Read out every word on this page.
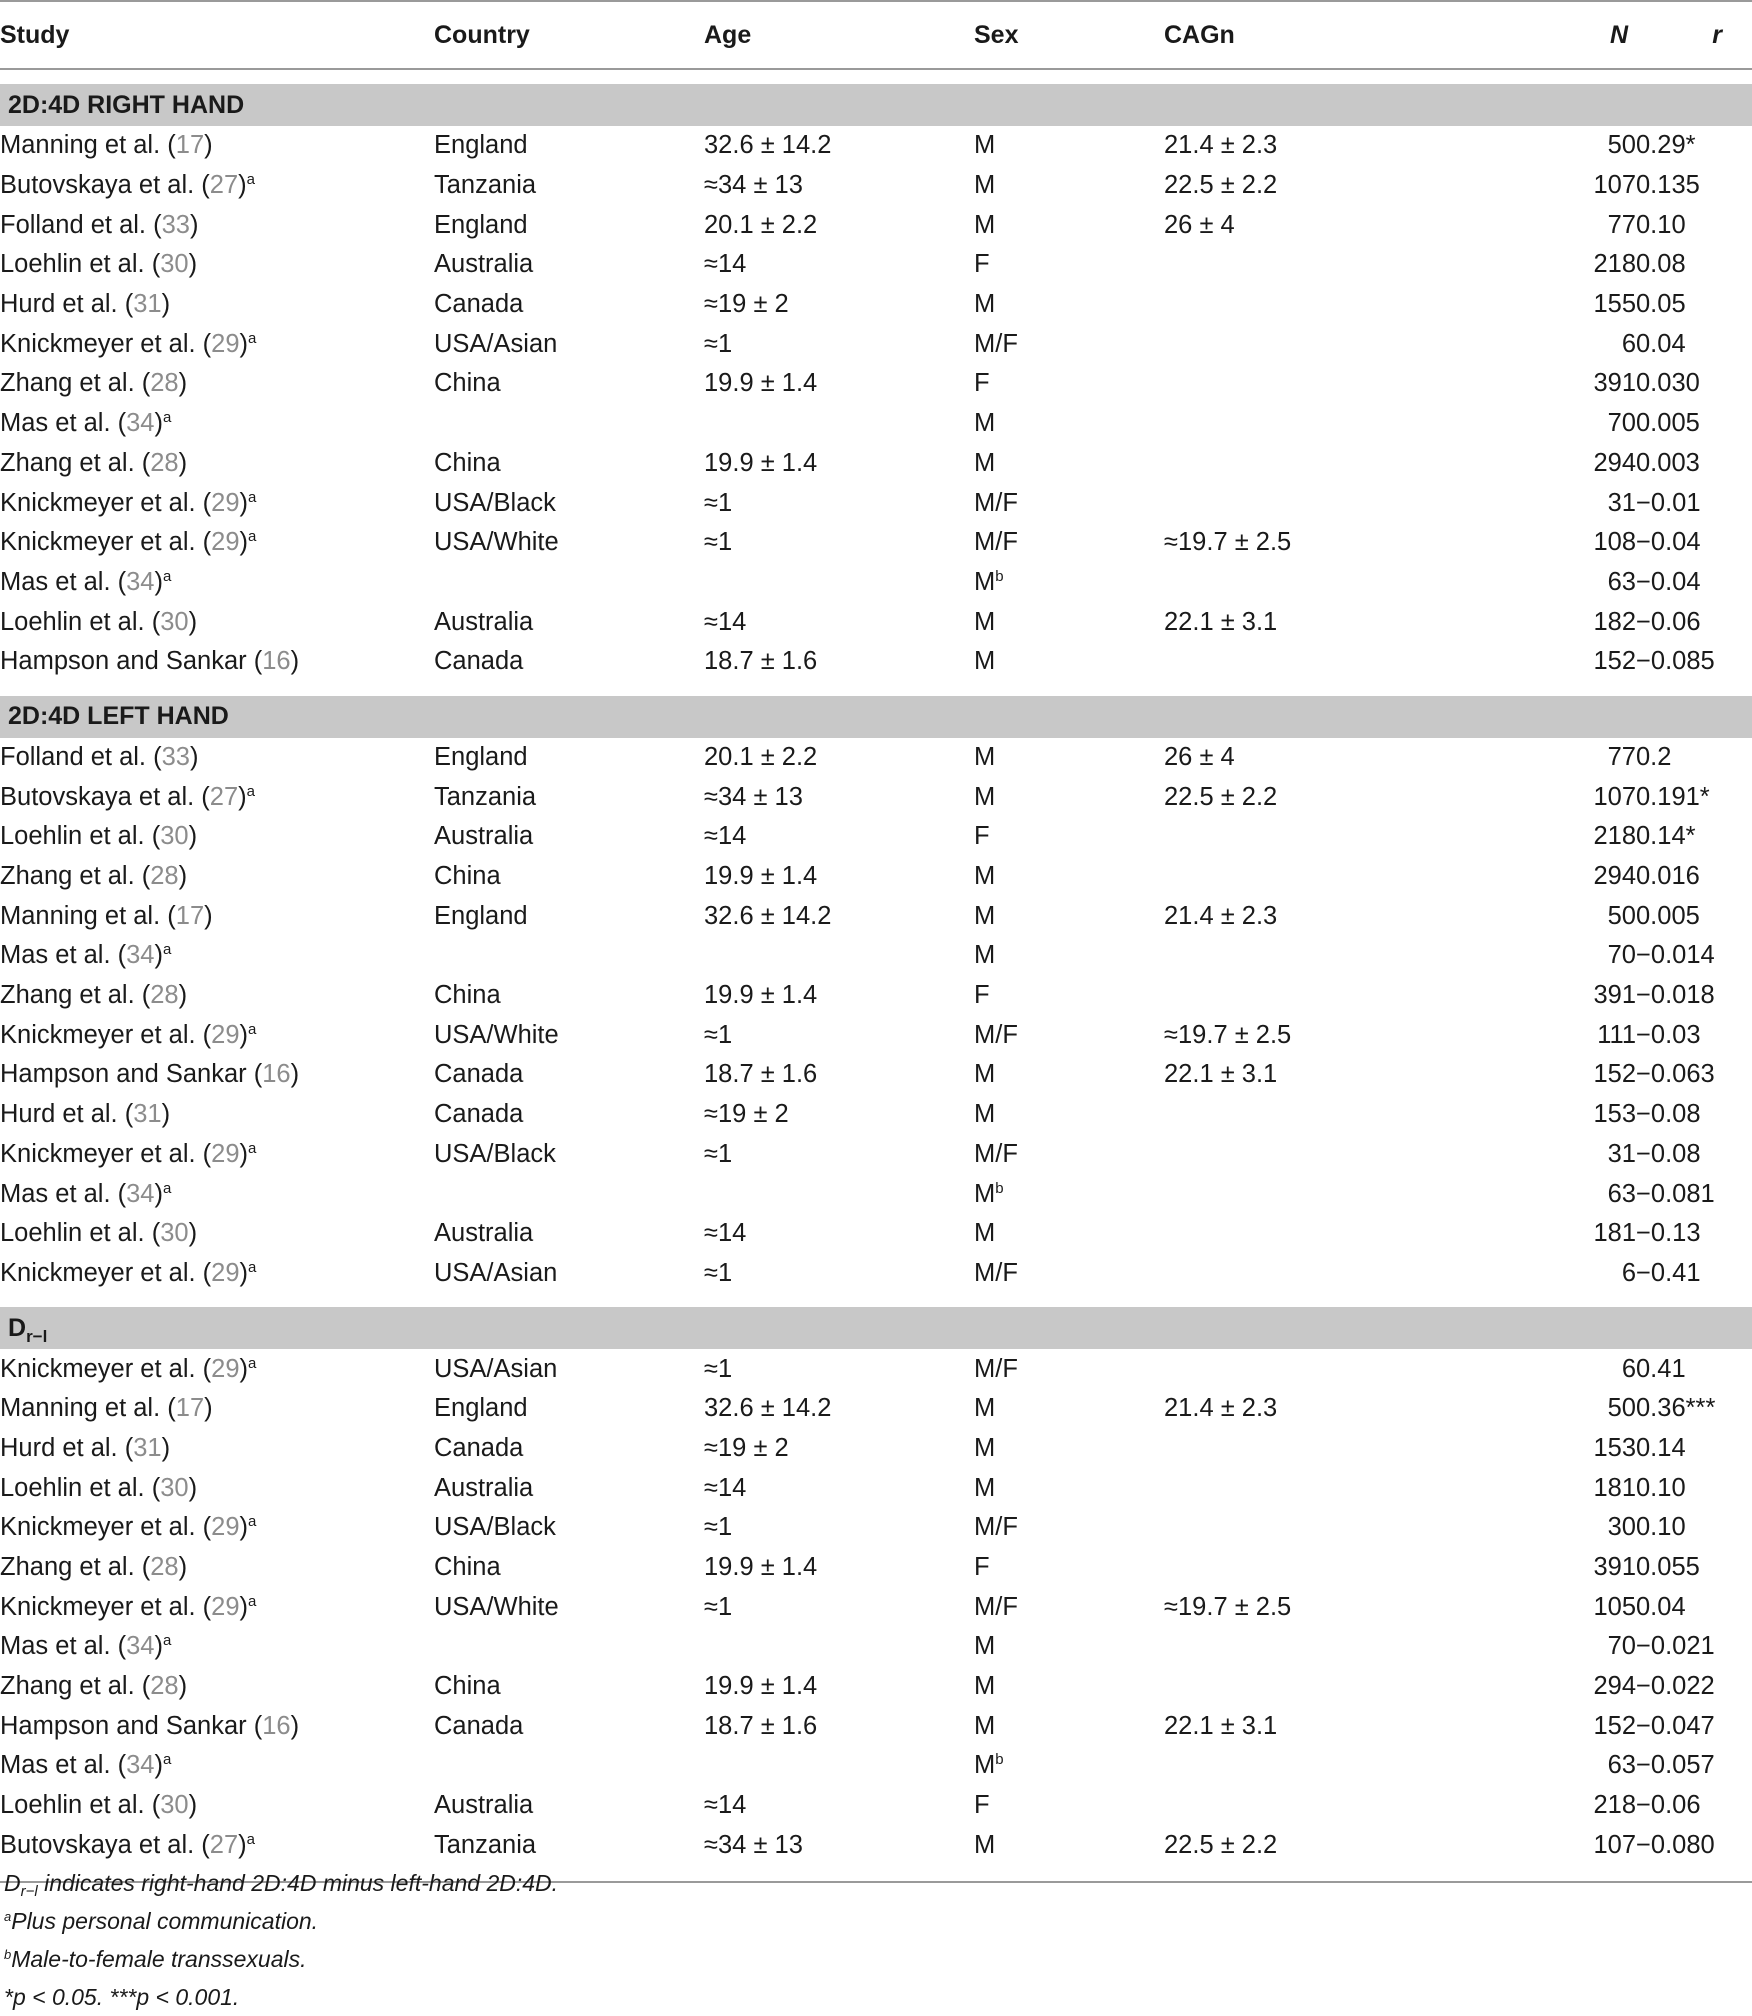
Study	Country	Age	Sex	CAGn	N	r

2D:4D RIGHT HAND						
Manning et al. (17)	England	32.6 ± 14.2	M	21.4 ± 2.3	50	0.29*
Butovskaya et al. $(27)^a$	Tanzania	≈34 ± 13	M	22.5 ± 2.2	107	0.135
Folland et al. (33)	England	20.1 ± 2.2	M	26 ± 4	77	0.10
Loehlin et al. (30)	Australia	≈14	F		218	0.08
Hurd et al. (31)	Canada	≈19 ± 2	M		155	0.05
Knickmeyer et al. $(29)^a$	USA/Asian	≈1	M/F		6	0.04
Zhang et al. (28)	China	19.9 ± 1.4	F		391	0.030
Mas et al. $(34)^a$			M		70	0.005
Zhang et al. (28)	China	19.9 ± 1.4	M		294	0.003
Knickmeyer et al. $(29)^a$	USA/Black	≈1	M/F		31	−0.01
Knickmeyer et al. $(29)^a$	USA/White	≈1	M/F	≈19.7 ± 2.5	108	−0.04
Mas et al. $(34)^a$			$M^b$		63	−0.04
Loehlin et al. (30)	Australia	≈14	M	22.1 ± 3.1	182	−0.06
Hampson and Sankar (16)	Canada	18.7 ± 1.6	M		152	−0.085

2D:4D LEFT HAND						
Folland et al. (33)	England	20.1 ± 2.2	M	26 ± 4	77	0.2
Butovskaya et al. $(27)^a$	Tanzania	≈34 ± 13	M	22.5 ± 2.2	107	0.191*
Loehlin et al. (30)	Australia	≈14	F		218	0.14*
Zhang et al. (28)	China	19.9 ± 1.4	M		294	0.016
Manning et al. (17)	England	32.6 ± 14.2	M	21.4 ± 2.3	50	0.005
Mas et al. $(34)^a$			M		70	−0.014
Zhang et al. (28)	China	19.9 ± 1.4	F		391	−0.018
Knickmeyer et al. $(29)^a$	USA/White	≈1	M/F	≈19.7 ± 2.5	111	−0.03
Hampson and Sankar (16)	Canada	18.7 ± 1.6	M	22.1 ± 3.1	152	−0.063
Hurd et al. (31)	Canada	≈19 ± 2	M		153	−0.08
Knickmeyer et al. $(29)^a$	USA/Black	≈1	M/F		31	−0.08
Mas et al. $(34)^a$			$M^b$		63	−0.081
Loehlin et al. (30)	Australia	≈14	M		181	−0.13
Knickmeyer et al. $(29)^a$	USA/Asian	≈1	M/F		6	−0.41

$D_{r-l}$
Knickmeyer et al. $(29)^a$	USA/Asian	≈1	M/F		6	0.41
Manning et al. (17)	England	32.6 ± 14.2	M	21.4 ± 2.3	50	0.36***
Hurd et al. (31)	Canada	≈19 ± 2	M		153	0.14
Loehlin et al. (30)	Australia	≈14	M		181	0.10
Knickmeyer et al. $(29)^a$	USA/Black	≈1	M/F		30	0.10
Zhang et al. (28)	China	19.9 ± 1.4	F		391	0.055
Knickmeyer et al. $(29)^a$	USA/White	≈1	M/F	≈19.7 ± 2.5	105	0.04
Mas et al. $(34)^a$			M		70	−0.021
Zhang et al. (28)	China	19.9 ± 1.4	M		294	−0.022
Hampson and Sankar (16)	Canada	18.7 ± 1.6	M	22.1 ± 3.1	152	−0.047
Mas et al. $(34)^a$			$M^b$		63	−0.057
Loehlin et al. (30)	Australia	≈14	F		218	−0.06
Butovskaya et al. $(27)^a$	Tanzania	≈34 ± 13	M	22.5 ± 2.2	107	−0.080

$D_{r-l}$ indicates right-hand 2D:4D minus left-hand 2D:4D.
$^a$Plus personal communication.
$^b$Male-to-female transsexuals.
*p < 0.05. ***p < 0.001.
